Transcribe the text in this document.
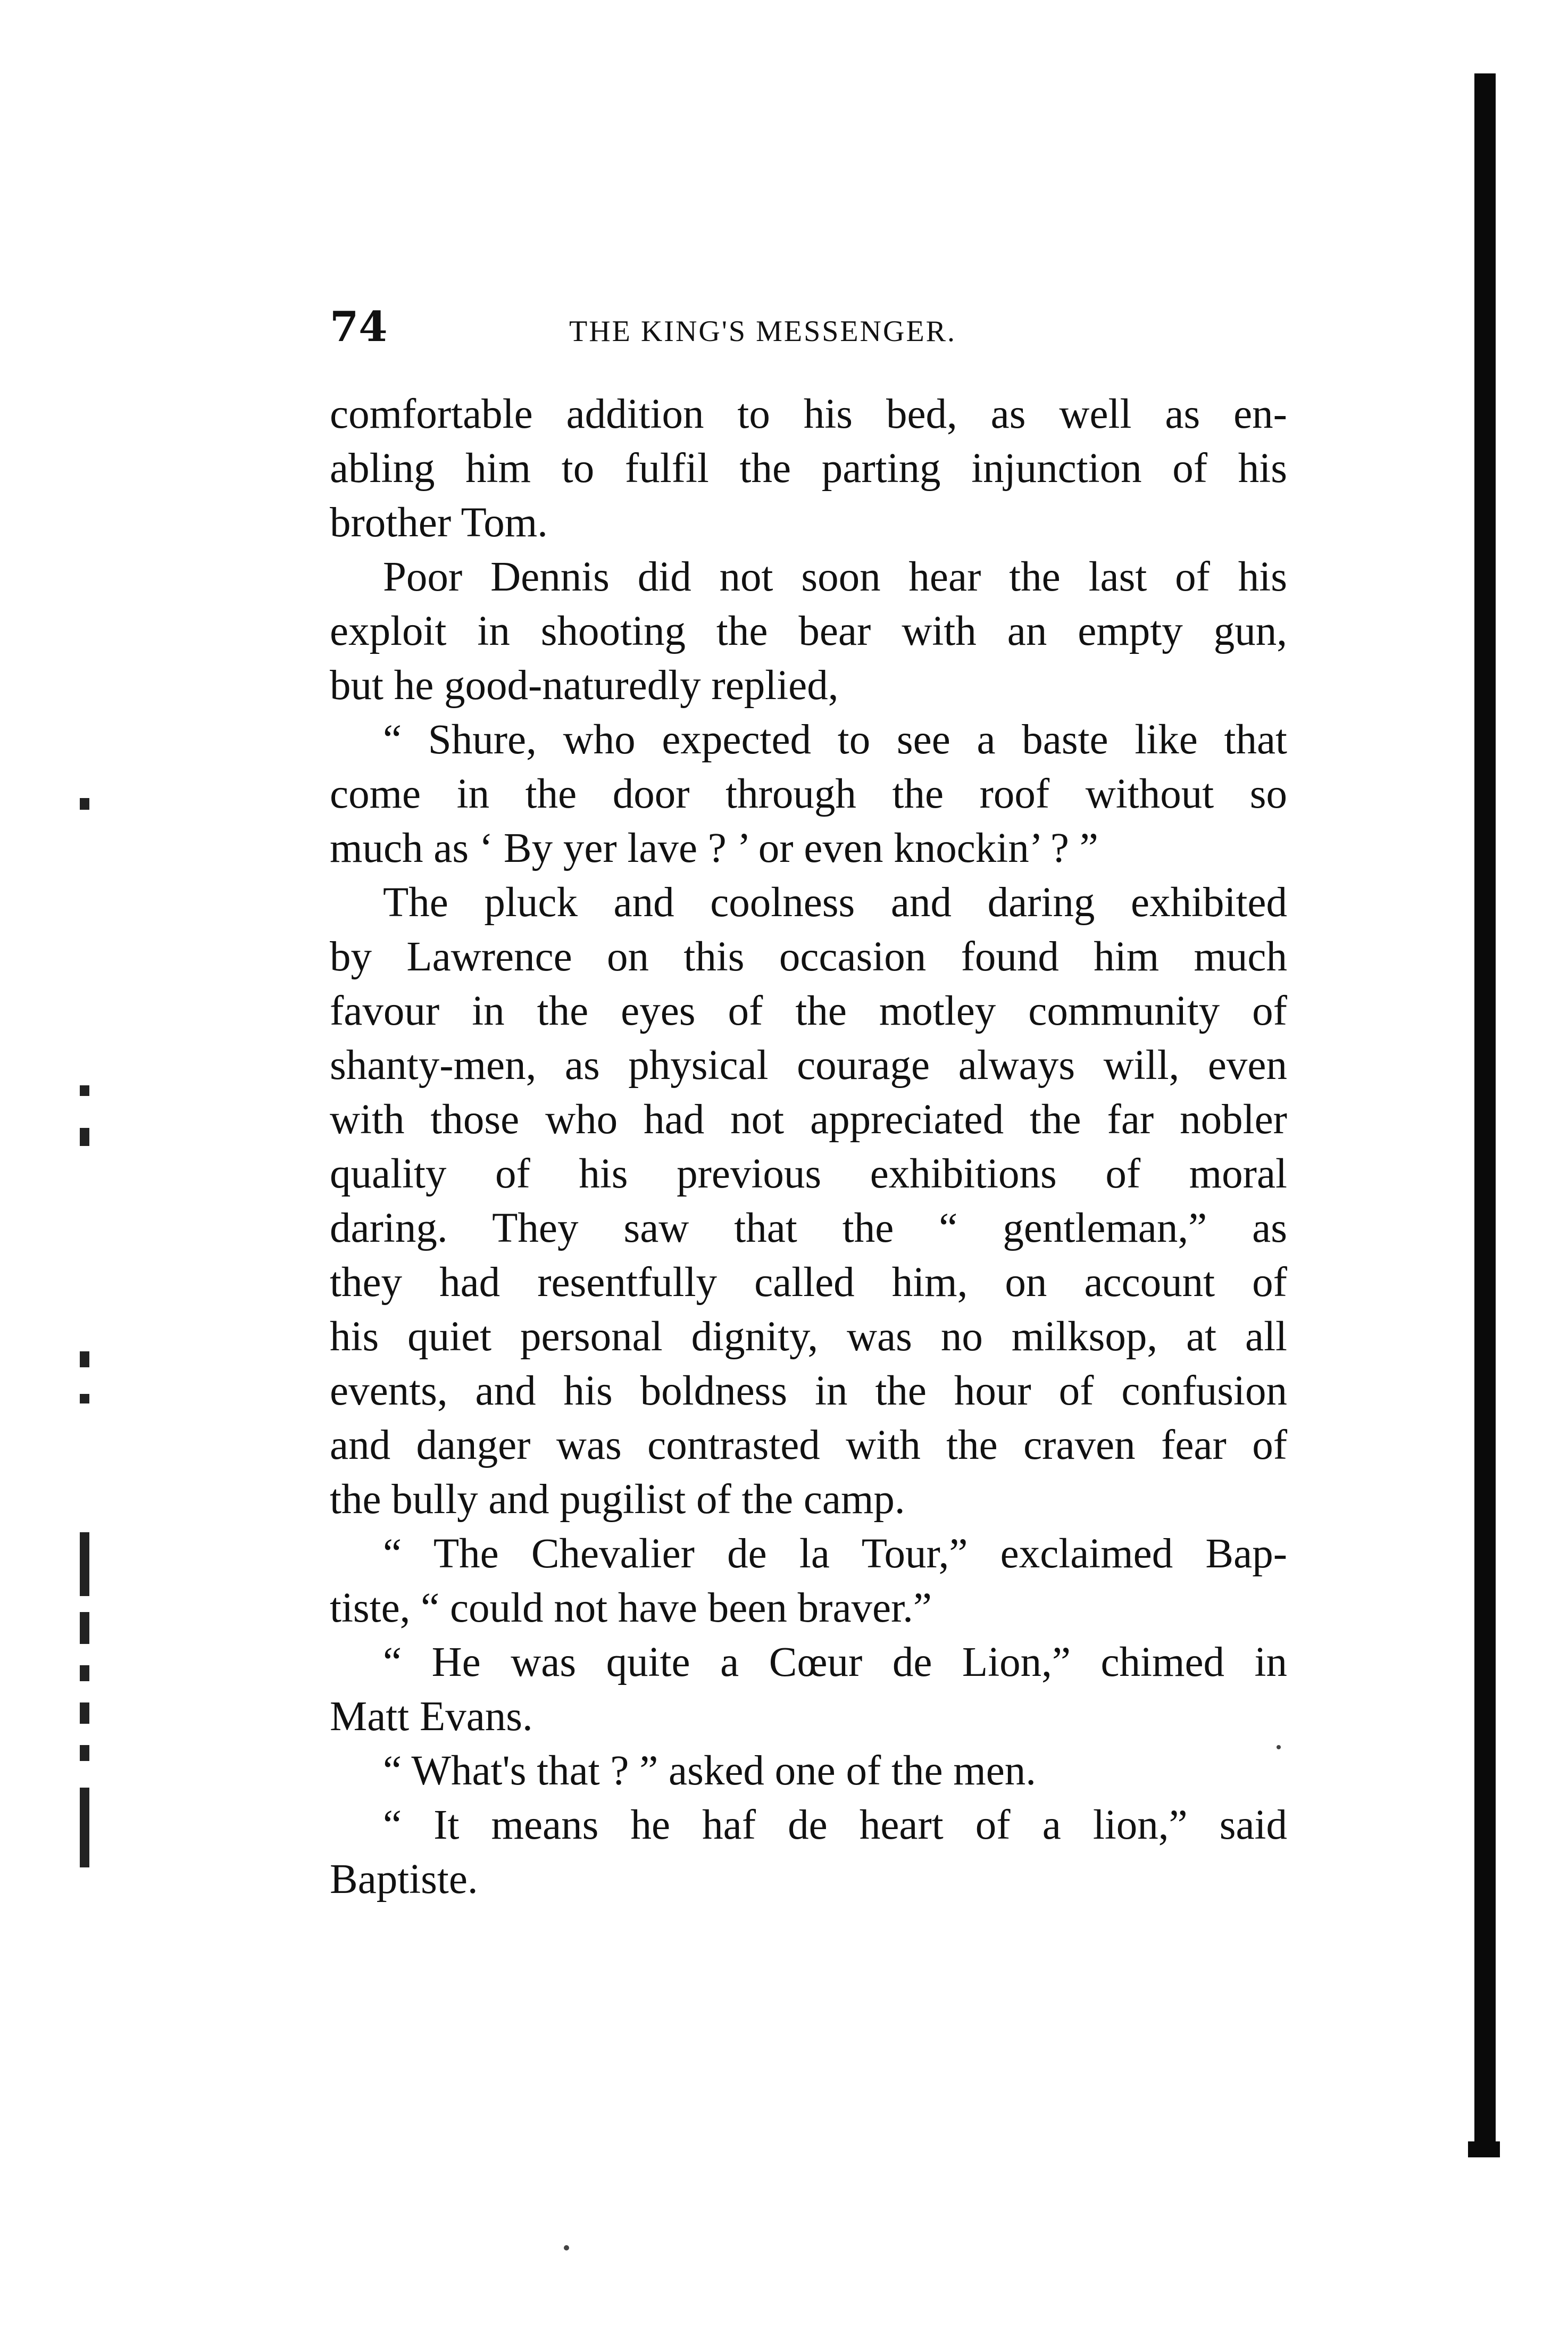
74	THE KING'S MESSENGER.
comfortable addition to his bed, as well as en-
abling him to fulfil the parting injunction of his
brother Tom.
Poor Dennis did not soon hear the last of his
exploit in shooting the bear with an empty gun,
but he good-naturedly replied,
“ Shure, who expected to see a baste like that
come in the door through the roof without so
much as ‘ By yer lave ? ’ or even knockin’ ? ”
The pluck and coolness and daring exhibited
by Lawrence on this occasion found him much
favour in the eyes of the motley community of
shanty-men, as physical courage always will, even
with those who had not appreciated the far nobler
quality of his previous exhibitions of moral
daring. They saw that the “ gentleman,” as
they had resentfully called him, on account of
his quiet personal dignity, was no milksop, at all
events, and his boldness in the hour of confusion
and danger was contrasted with the craven fear of
the bully and pugilist of the camp.
“ The Chevalier de la Tour,” exclaimed Bap-
tiste, “ could not have been braver.”
“ He was quite a Cœur de Lion,” chimed in
Matt Evans.
“ What's that ? ” asked one of the men.
“ It means he haf de heart of a lion,” said
Baptiste.
